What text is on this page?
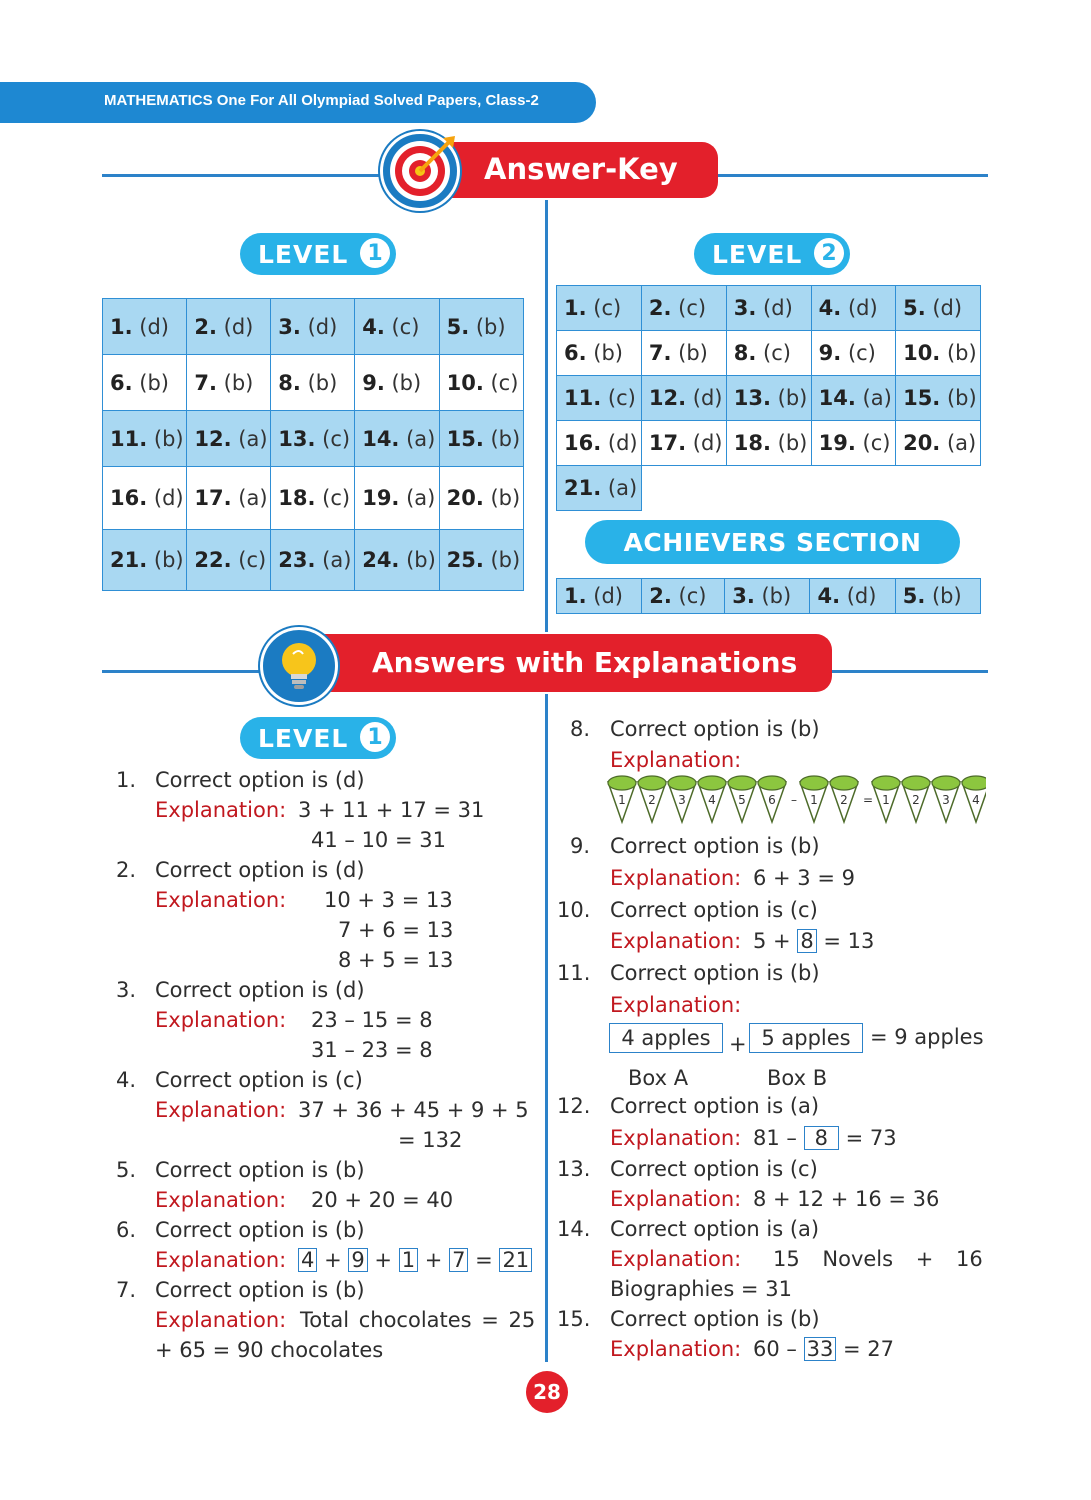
MATHEMATICS One For All Olympiad Solved Papers, Class-2
Answer-Key
LEVEL 1
1. (d)	2. (d)	3. (d)	4. (c)	5. (b)
6. (b)	7. (b)	8. (b)	9. (b)	10. (c)
11. (b)	12. (a)	13. (c)	14. (a)	15. (b)
16. (d)	17. (a)	18. (c)	19. (a)	20. (b)
21. (b)	22. (c)	23. (a)	24. (b)	25. (b)
LEVEL 2
1. (c)	2. (c)	3. (d)	4. (d)	5. (d)
6. (b)	7. (b)	8. (c)	9. (c)	10. (b)
11. (c)	12. (d)	13. (b)	14. (a)	15. (b)
16. (d)	17. (d)	18. (b)	19. (c)	20. (a)
21. (a)				
ACHIEVERS SECTION
1. (d)	2. (c)	3. (b)	4. (d)	5. (b)
Answers with Explanations
LEVEL 1
1. Correct option is (d)
Explanation: 3 + 11 + 17 = 31
41 – 10 = 31
2. Correct option is (d)
Explanation: 10 + 3 = 13
7 + 6 = 13
8 + 5 = 13
3. Correct option is (d)
Explanation: 23 – 15 = 8
31 – 23 = 8
4. Correct option is (c)
Explanation: 37 + 36 + 45 + 9 + 5
= 132
5. Correct option is (b)
Explanation: 20 + 20 = 40
6. Correct option is (b)
Explanation: 4 + 9 + 1 + 7 = 21
7. Correct option is (b)
Explanation: Total chocolates = 25
+ 65 = 90 chocolates
8. Correct option is (b)
Explanation:
1 2 3 4 5 6 – 1 2 = 1 2 3 4
9. Correct option is (b)
Explanation: 6 + 3 = 9
10. Correct option is (c)
Explanation: 5 + 8 = 13
11. Correct option is (b)
Explanation:
4 apples + 5 apples = 9 apples
Box A	Box B
12. Correct option is (a)
Explanation: 81 – 8 = 73
13. Correct option is (c)
Explanation: 8 + 12 + 16 = 36
14. Correct option is (a)
Explanation: 15 Novels + 16
Biographies = 31
15. Correct option is (b)
Explanation: 60 – 33 = 27
28
